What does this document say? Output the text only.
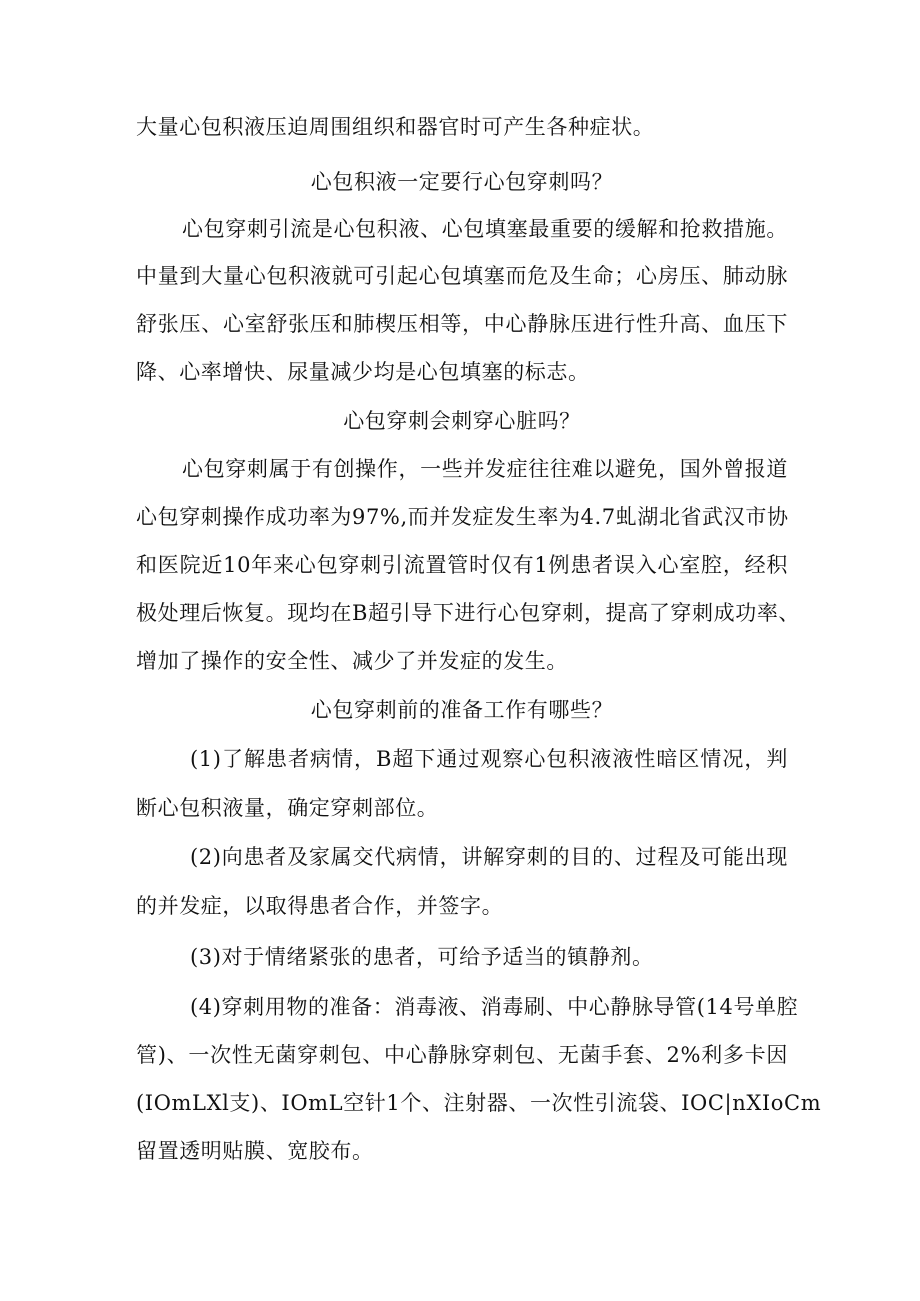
大量心包积液压迫周围组织和器官时可产生各种症状。
心包积液一定要行心包穿刺吗？
心包穿刺引流是心包积液、心包填塞最重要的缓解和抢救措施。
中量到大量心包积液就可引起心包填塞而危及生命；心房压、肺动脉
舒张压、心室舒张压和肺楔压相等，中心静脉压进行性升高、血压下
降、心率增快、尿量减少均是心包填塞的标志。
心包穿刺会刺穿心脏吗？
心包穿刺属于有创操作，一些并发症往往难以避免，国外曾报道
心包穿刺操作成功率为97%,而并发症发生率为4.7虬湖北省武汉市协
和医院近10年来心包穿刺引流置管时仅有1例患者误入心室腔，经积
极处理后恢复。现均在B超引导下进行心包穿刺，提高了穿刺成功率、
增加了操作的安全性、减少了并发症的发生。
心包穿刺前的准备工作有哪些？
(1)了解患者病情，B超下通过观察心包积液液性暗区情况，判
断心包积液量，确定穿刺部位。
(2)向患者及家属交代病情，讲解穿刺的目的、过程及可能出现
的并发症，以取得患者合作，并签字。
(3)对于情绪紧张的患者，可给予适当的镇静剂。
(4)穿刺用物的准备：消毒液、消毒刷、中心静脉导管(14号单腔
管)、一次性无菌穿刺包、中心静脉穿刺包、无菌手套、2%利多卡因
(IOmLXl支)、IOmL空针1个、注射器、一次性引流袋、IOC|nXIoCm
留置透明贴膜、宽胶布。
